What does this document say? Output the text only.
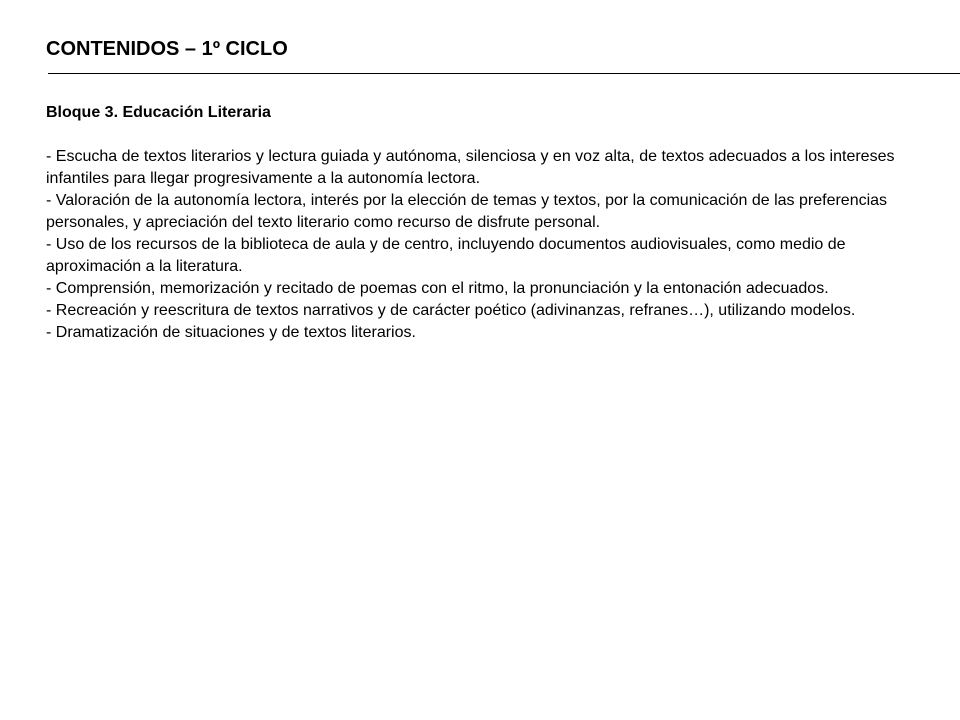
CONTENIDOS – 1º CICLO

Bloque 3. Educación Literaria

- Escucha de textos literarios y lectura guiada y autónoma, silenciosa y en voz alta, de textos adecuados a los intereses infantiles para llegar progresivamente a la autonomía lectora.

- Valoración de la autonomía lectora, interés por la elección de temas y textos, por la comunicación de las preferencias personales, y apreciación del texto literario como recurso de disfrute personal.

- Uso de los recursos de la biblioteca de aula y de centro, incluyendo documentos audiovisuales, como medio de aproximación a la literatura.

- Comprensión, memorización y recitado de poemas con el ritmo, la pronunciación y la entonación adecuados.

- Recreación y reescritura de textos narrativos y de carácter poético (adivinanzas, refranes…), utilizando modelos.

- Dramatización de situaciones y de textos literarios.
